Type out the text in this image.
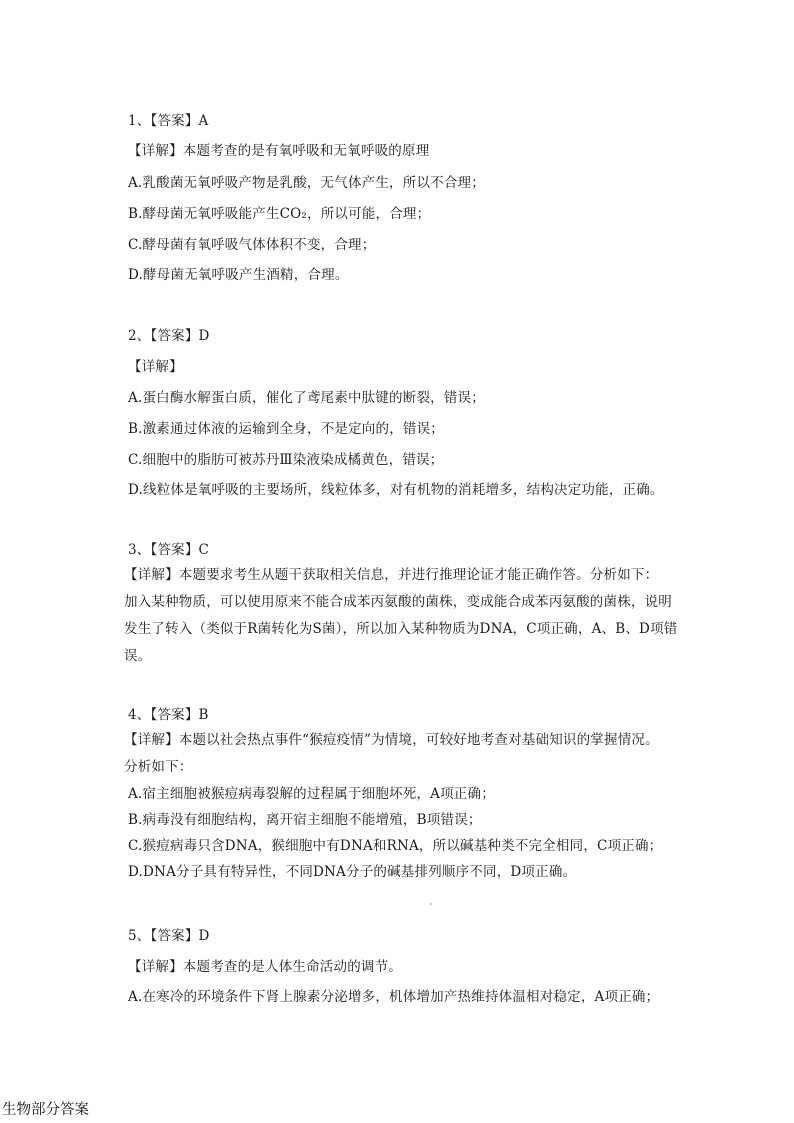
1、【答案】A
【详解】本题考查的是有氧呼吸和无氧呼吸的原理
A.乳酸菌无氧呼吸产物是乳酸，无气体产生，所以不合理；
B.酵母菌无氧呼吸能产生CO₂，所以可能，合理；
C.酵母菌有氧呼吸气体体积不变，合理；
D.酵母菌无氧呼吸产生酒精，合理。
2、【答案】D
【详解】
A.蛋白酶水解蛋白质，催化了鸢尾素中肽键的断裂，错误；
B.激素通过体液的运输到全身，不是定向的，错误；
C.细胞中的脂肪可被苏丹Ⅲ染液染成橘黄色，错误；
D.线粒体是氧呼吸的主要场所，线粒体多，对有机物的消耗增多，结构决定功能，正确。
3、【答案】C
【详解】本题要求考生从题干获取相关信息，并进行推理论证才能正确作答。分析如下：
加入某种物质，可以使用原来不能合成苯丙氨酸的菌株，变成能合成苯丙氨酸的菌株，说明
发生了转入（类似于R菌转化为S菌），所以加入某种物质为DNA，C项正确，A、B、D项错
误。
4、【答案】B
【详解】本题以社会热点事件“猴痘疫情”为情境，可较好地考查对基础知识的掌握情况。
分析如下：
A.宿主细胞被猴痘病毒裂解的过程属于细胞坏死，A项正确；
B.病毒没有细胞结构，离开宿主细胞不能增殖，B项错误；
C.猴痘病毒只含DNA，猴细胞中有DNA和RNA，所以碱基种类不完全相同，C项正确；
D.DNA分子具有特异性，不同DNA分子的碱基排列顺序不同，D项正确。
5、【答案】D
【详解】本题考查的是人体生命活动的调节。
A.在寒冷的环境条件下肾上腺素分泌增多，机体增加产热维持体温相对稳定，A项正确；
生物部分答案
